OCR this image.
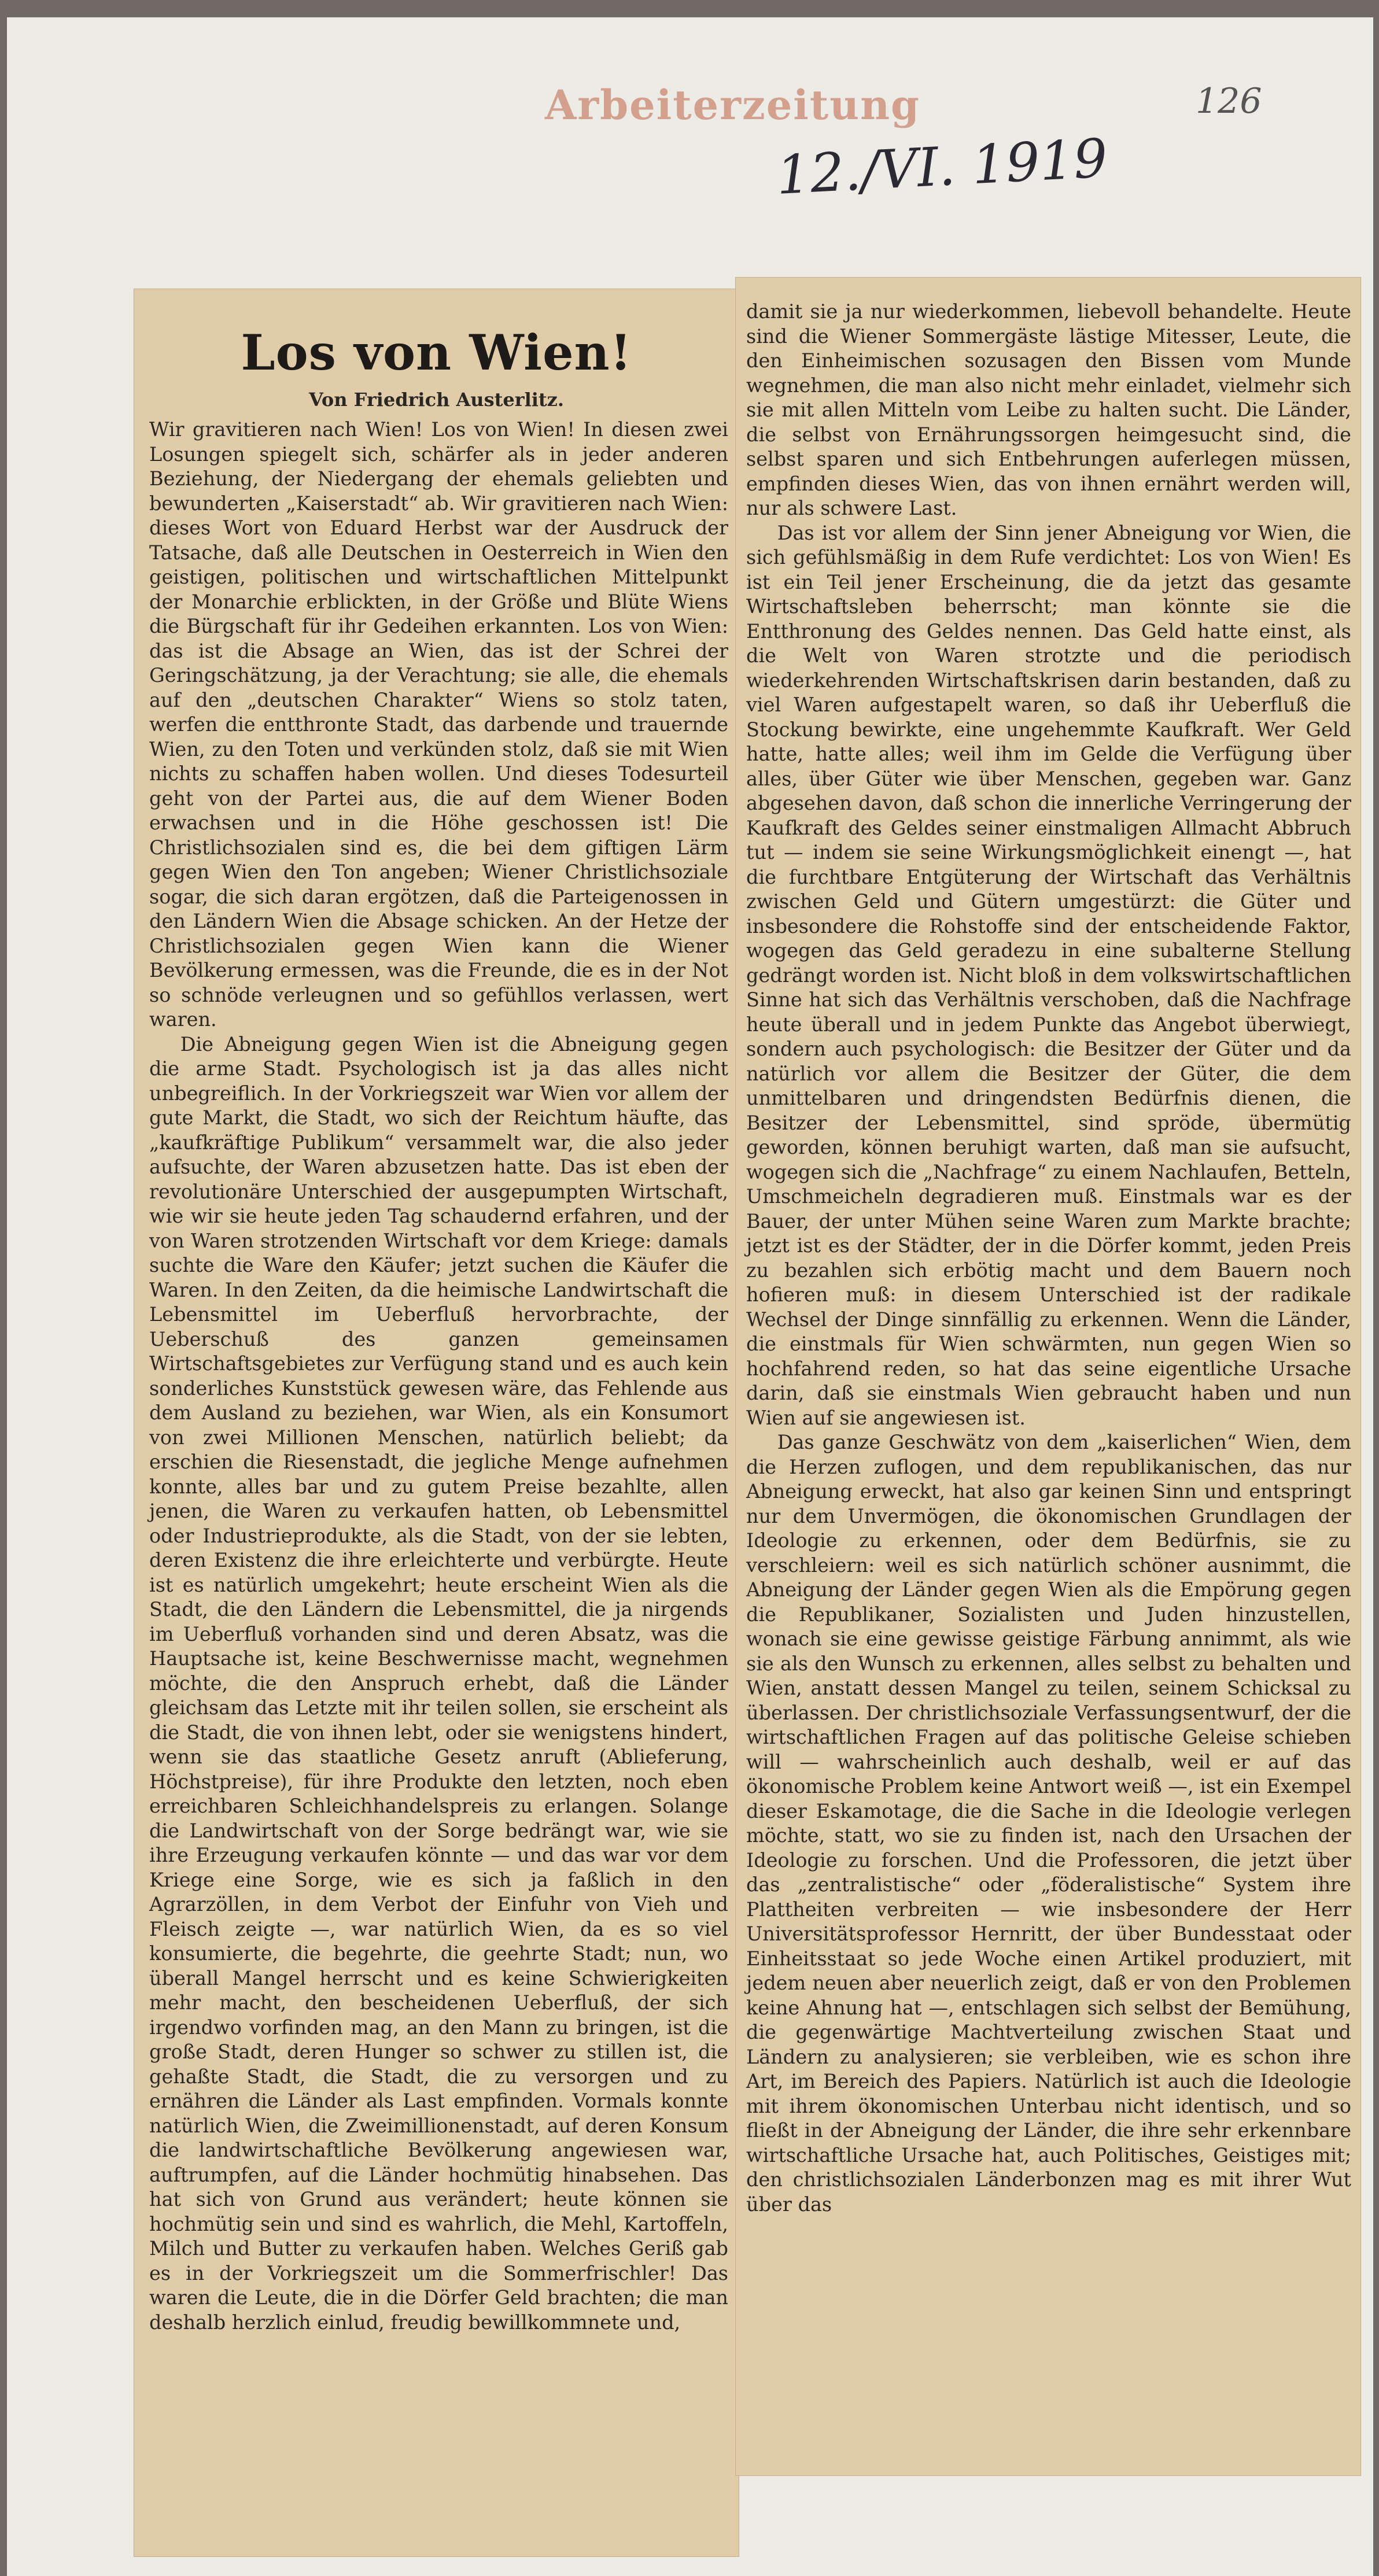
Arbeiterzeitung
12./VI. 1919
126
Los von Wien!
Von Friedrich Austerlitz.

Wir gravitieren nach Wien! Los von Wien! In diesen zwei Losungen spiegelt sich, schärfer als in jeder anderen Beziehung, der Niedergang der ehemals geliebten und bewunderten „Kaiserstadt“ ab. Wir gravitieren nach Wien: dieses Wort von Eduard Herbst war der Ausdruck der Tatsache, daß alle Deutschen in Oesterreich in Wien den geistigen, politischen und wirtschaftlichen Mittelpunkt der Monarchie erblickten, in der Größe und Blüte Wiens die Bürgschaft für ihr Gedeihen erkannten. Los von Wien: das ist die Absage an Wien, das ist der Schrei der Geringschätzung, ja der Verachtung; sie alle, die ehemals auf den „deutschen Charakter“ Wiens so stolz taten, werfen die entthronte Stadt, das darbende und trauernde Wien, zu den Toten und verkünden stolz, daß sie mit Wien nichts zu schaffen haben wollen. Und dieses Todesurteil geht von der Partei aus, die auf dem Wiener Boden erwachsen und in die Höhe geschossen ist! Die Christlichsozialen sind es, die bei dem giftigen Lärm gegen Wien den Ton angeben; Wiener Christlichsoziale sogar, die sich daran ergötzen, daß die Parteigenossen in den Ländern Wien die Absage schicken. An der Hetze der Christlichsozialen gegen Wien kann die Wiener Bevölkerung ermessen, was die Freunde, die es in der Not so schnöde verleugnen und so gefühllos verlassen, wert waren.

Die Abneigung gegen Wien ist die Abneigung gegen die arme Stadt. Psychologisch ist ja das alles nicht unbegreiflich. In der Vorkriegszeit war Wien vor allem der gute Markt, die Stadt, wo sich der Reichtum häufte, das „kaufkräftige Publikum“ versammelt war, die also jeder aufsuchte, der Waren abzusetzen hatte. Das ist eben der revolutionäre Unterschied der ausgepumpten Wirtschaft, wie wir sie heute jeden Tag schaudernd erfahren, und der von Waren strotzenden Wirtschaft vor dem Kriege: damals suchte die Ware den Käufer; jetzt suchen die Käufer die Waren. In den Zeiten, da die heimische Landwirtschaft die Lebensmittel im Ueberfluß hervorbrachte, der Ueberschuß des ganzen gemeinsamen Wirtschaftsgebietes zur Verfügung stand und es auch kein sonderliches Kunststück gewesen wäre, das Fehlende aus dem Ausland zu beziehen, war Wien, als ein Konsumort von zwei Millionen Menschen, natürlich beliebt; da erschien die Riesenstadt, die jegliche Menge aufnehmen konnte, alles bar und zu gutem Preise bezahlte, allen jenen, die Waren zu verkaufen hatten, ob Lebensmittel oder Industrieprodukte, als die Stadt, von der sie lebten, deren Existenz die ihre erleichterte und verbürgte. Heute ist es natürlich umgekehrt; heute erscheint Wien als die Stadt, die den Ländern die Lebensmittel, die ja nirgends im Ueberfluß vorhanden sind und deren Absatz, was die Hauptsache ist, keine Beschwernisse macht, wegnehmen möchte, die den Anspruch erhebt, daß die Länder gleichsam das Letzte mit ihr teilen sollen, sie erscheint als die Stadt, die von ihnen lebt, oder sie wenigstens hindert, wenn sie das staatliche Gesetz anruft (Ablieferung, Höchstpreise), für ihre Produkte den letzten, noch eben erreichbaren Schleichhandelspreis zu erlangen. Solange die Landwirtschaft von der Sorge bedrängt war, wie sie ihre Erzeugung verkaufen könnte — und das war vor dem Kriege eine Sorge, wie es sich ja faßlich in den Agrarzöllen, in dem Verbot der Einfuhr von Vieh und Fleisch zeigte —, war natürlich Wien, da es so viel konsumierte, die begehrte, die geehrte Stadt; nun, wo überall Mangel herrscht und es keine Schwierigkeiten mehr macht, den bescheidenen Ueberfluß, der sich irgendwo vorfinden mag, an den Mann zu bringen, ist die große Stadt, deren Hunger so schwer zu stillen ist, die gehaßte Stadt, die Stadt, die zu versorgen und zu ernähren die Länder als Last empfinden. Vormals konnte natürlich Wien, die Zweimillionenstadt, auf deren Konsum die landwirtschaftliche Bevölkerung angewiesen war, auftrumpfen, auf die Länder hochmütig hinabsehen. Das hat sich von Grund aus verändert; heute können sie hochmütig sein und sind es wahrlich, die Mehl, Kartoffeln, Milch und Butter zu verkaufen haben. Welches Geriß gab es in der Vorkriegszeit um die Sommerfrischler! Das waren die Leute, die in die Dörfer Geld brachten; die man deshalb herzlich einlud, freudig bewillkommnete und,

damit sie ja nur wiederkommen, liebevoll behandelte. Heute sind die Wiener Sommergäste lästige Mitesser, Leute, die den Einheimischen sozusagen den Bissen vom Munde wegnehmen, die man also nicht mehr einladet, vielmehr sich sie mit allen Mitteln vom Leibe zu halten sucht. Die Länder, die selbst von Ernährungssorgen heimgesucht sind, die selbst sparen und sich Entbehrungen auferlegen müssen, empfinden dieses Wien, das von ihnen ernährt werden will, nur als schwere Last.

Das ist vor allem der Sinn jener Abneigung vor Wien, die sich gefühlsmäßig in dem Rufe verdichtet: Los von Wien! Es ist ein Teil jener Erscheinung, die da jetzt das gesamte Wirtschaftsleben beherrscht; man könnte sie die Entthronung des Geldes nennen. Das Geld hatte einst, als die Welt von Waren strotzte und die periodisch wiederkehrenden Wirtschaftskrisen darin bestanden, daß zu viel Waren aufgestapelt waren, so daß ihr Ueberfluß die Stockung bewirkte, eine ungehemmte Kaufkraft. Wer Geld hatte, hatte alles; weil ihm im Gelde die Verfügung über alles, über Güter wie über Menschen, gegeben war. Ganz abgesehen davon, daß schon die innerliche Verringerung der Kaufkraft des Geldes seiner einstmaligen Allmacht Abbruch tut — indem sie seine Wirkungsmöglichkeit einengt —, hat die furchtbare Entgüterung der Wirtschaft das Verhältnis zwischen Geld und Gütern umgestürzt: die Güter und insbesondere die Rohstoffe sind der entscheidende Faktor, wogegen das Geld geradezu in eine subalterne Stellung gedrängt worden ist. Nicht bloß in dem volkswirtschaftlichen Sinne hat sich das Verhältnis verschoben, daß die Nachfrage heute überall und in jedem Punkte das Angebot überwiegt, sondern auch psychologisch: die Besitzer der Güter und da natürlich vor allem die Besitzer der Güter, die dem unmittelbaren und dringendsten Bedürfnis dienen, die Besitzer der Lebensmittel, sind spröde, übermütig geworden, können beruhigt warten, daß man sie aufsucht, wogegen sich die „Nachfrage“ zu einem Nachlaufen, Betteln, Umschmeicheln degradieren muß. Einstmals war es der Bauer, der unter Mühen seine Waren zum Markte brachte; jetzt ist es der Städter, der in die Dörfer kommt, jeden Preis zu bezahlen sich erbötig macht und dem Bauern noch hofieren muß: in diesem Unterschied ist der radikale Wechsel der Dinge sinnfällig zu erkennen. Wenn die Länder, die einstmals für Wien schwärmten, nun gegen Wien so hochfahrend reden, so hat das seine eigentliche Ursache darin, daß sie einstmals Wien gebraucht haben und nun Wien auf sie angewiesen ist.

Das ganze Geschwätz von dem „kaiserlichen“ Wien, dem die Herzen zuflogen, und dem republikanischen, das nur Abneigung erweckt, hat also gar keinen Sinn und entspringt nur dem Unvermögen, die ökonomischen Grundlagen der Ideologie zu erkennen, oder dem Bedürfnis, sie zu verschleiern: weil es sich natürlich schöner ausnimmt, die Abneigung der Länder gegen Wien als die Empörung gegen die Republikaner, Sozialisten und Juden hinzustellen, wonach sie eine gewisse geistige Färbung annimmt, als wie sie als den Wunsch zu erkennen, alles selbst zu behalten und Wien, anstatt dessen Mangel zu teilen, seinem Schicksal zu überlassen. Der christlichsoziale Verfassungsentwurf, der die wirtschaftlichen Fragen auf das politische Geleise schieben will — wahrscheinlich auch deshalb, weil er auf das ökonomische Problem keine Antwort weiß —, ist ein Exempel dieser Eskamotage, die die Sache in die Ideologie verlegen möchte, statt, wo sie zu finden ist, nach den Ursachen der Ideologie zu forschen. Und die Professoren, die jetzt über das „zentralistische“ oder „föderalistische“ System ihre Plattheiten verbreiten — wie insbesondere der Herr Universitätsprofessor Hernritt, der über Bundesstaat oder Einheitsstaat so jede Woche einen Artikel produziert, mit jedem neuen aber neuerlich zeigt, daß er von den Problemen keine Ahnung hat —, entschlagen sich selbst der Bemühung, die gegenwärtige Machtverteilung zwischen Staat und Ländern zu analysieren; sie verbleiben, wie es schon ihre Art, im Bereich des Papiers. Natürlich ist auch die Ideologie mit ihrem ökonomischen Unterbau nicht identisch, und so fließt in der Abneigung der Länder, die ihre sehr erkennbare wirtschaftliche Ursache hat, auch Politisches, Geistiges mit; den christlichsozialen Länderbonzen mag es mit ihrer Wut über das
